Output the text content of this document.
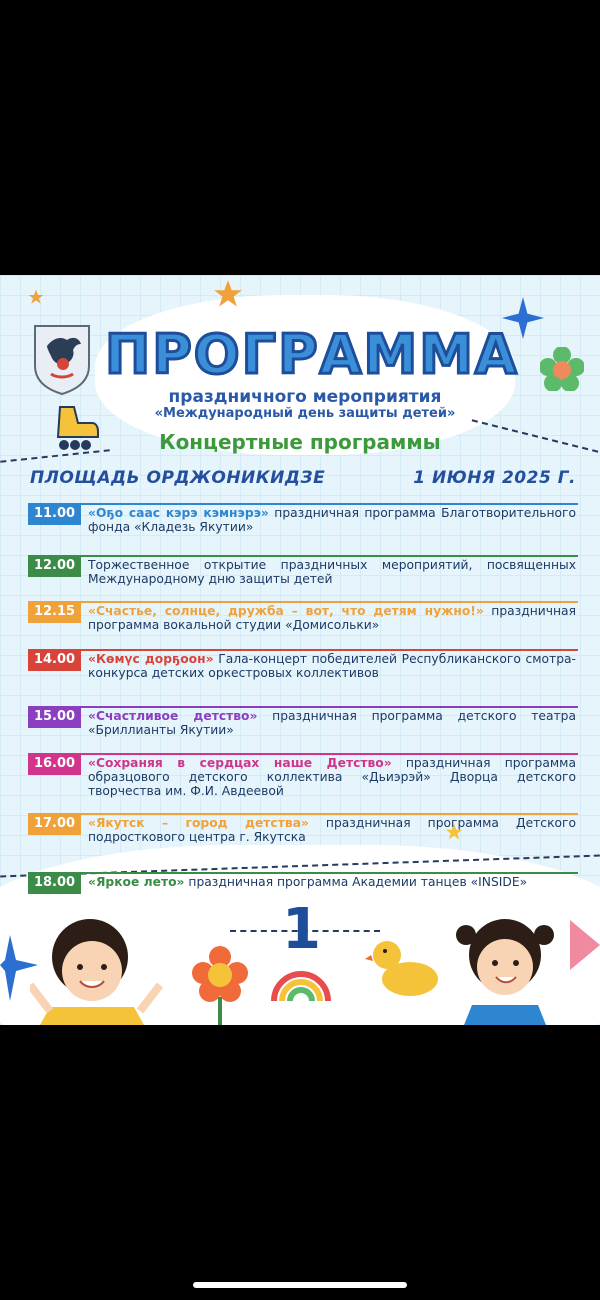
ПРОГРАММА
праздничного мероприятия
«Международный день защиты детей»
Концертные программы
ПЛОЩАДЬ ОРДЖОНИКИДЗЕ	1 ИЮНЯ 2025 Г.
11.00	«Оҕо саас кэрэ кэмнэрэ» праздничная программа Благотворительного фонда «Кладезь Якутии»
12.00	Торжественное открытие праздничных мероприятий, посвященных Международному дню защиты детей
12.15	«Счастье, солнце, дружба – вот, что детям нужно!» праздничная программа вокальной студии «Домисольки»
14.00	«Көмүс дорҕоон» Гала-концерт победителей Республиканского смотра-конкурса детских оркестровых коллективов
15.00	«Счастливое детство» праздничная программа детского театра «Бриллианты Якутии»
16.00	«Сохраняя в сердцах наше Детство» праздничная программа образцового детского коллектива «Дьиэрэй» Дворца детского творчества им. Ф.И. Авдеевой
17.00	«Якутск – город детства» праздничная программа Детского подросткового центра г. Якутска
18.00	«Яркое лето» праздничная программа Академии танцев «INSIDE»
1
